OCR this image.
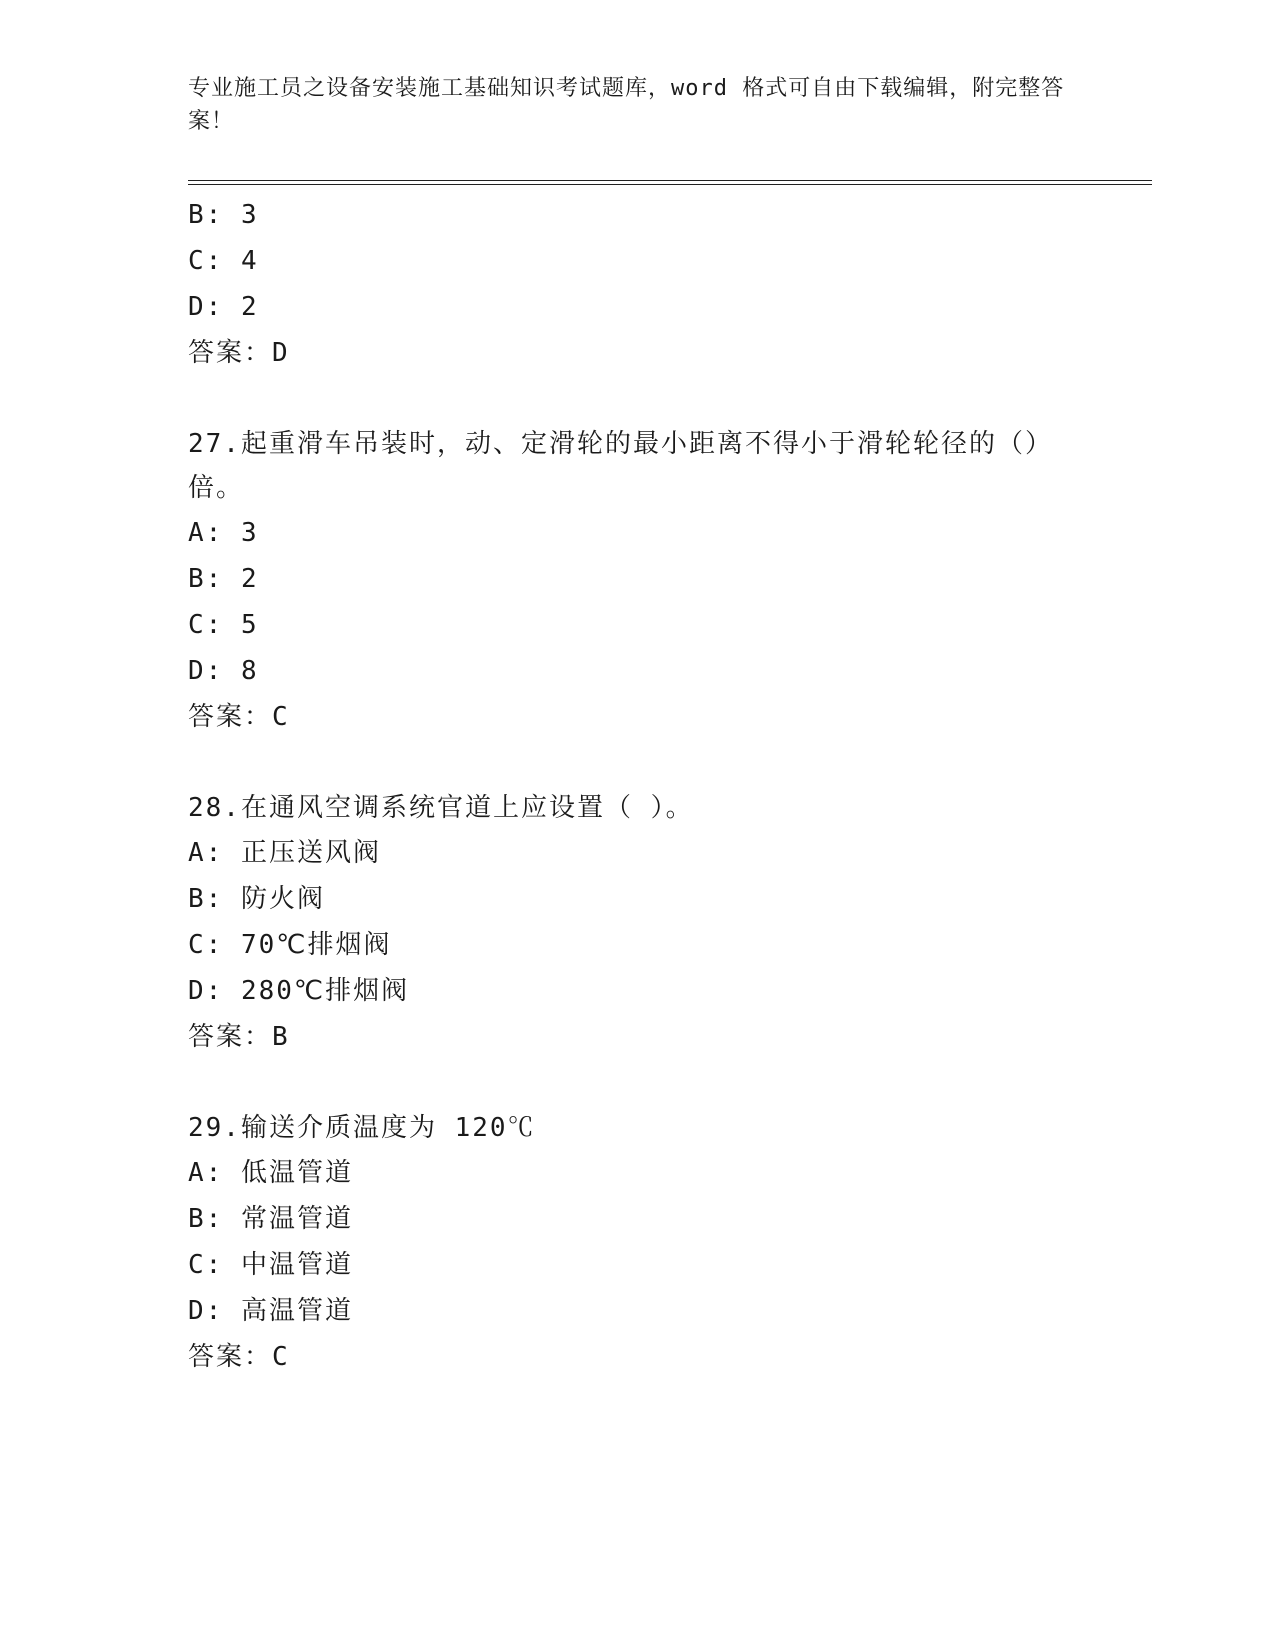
专业施工员之设备安装施工基础知识考试题库，word 格式可自由下载编辑，附完整答案！
B: 3
C: 4
D: 2
答案：D
27.起重滑车吊装时，动、定滑轮的最小距离不得小于滑轮轮径的（）倍。
A: 3
B: 2
C: 5
D: 8
答案：C
28.在通风空调系统官道上应设置（ ）。
A: 正压送风阀
B: 防火阀
C: 70℃排烟阀
D: 280℃排烟阀
答案：B
29.输送介质温度为 120℃
A: 低温管道
B: 常温管道
C: 中温管道
D: 高温管道
答案：C
